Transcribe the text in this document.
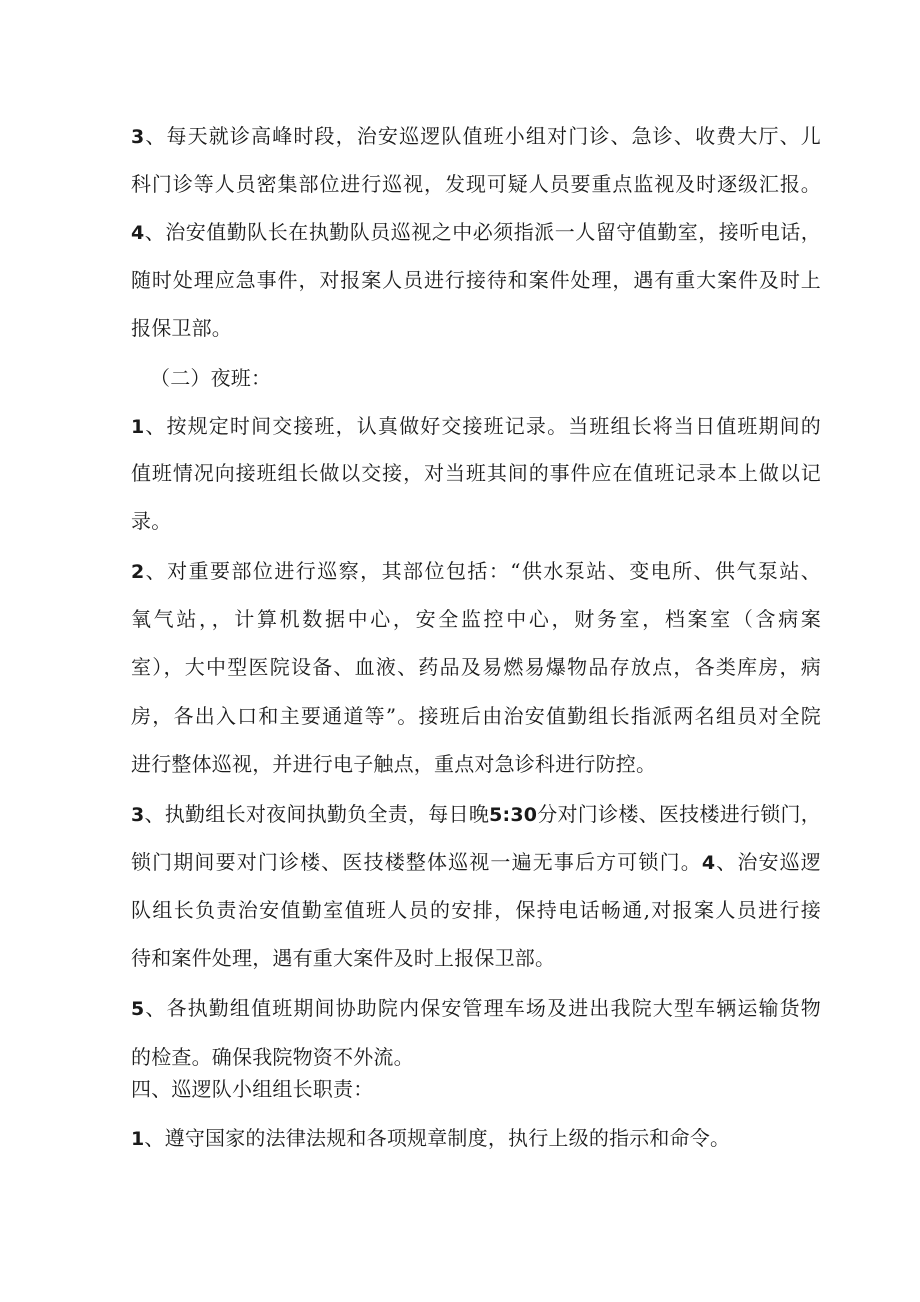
3、每天就诊高峰时段，治安巡逻队值班小组对门诊、急诊、收费大厅、儿
科门诊等人员密集部位进行巡视，发现可疑人员要重点监视及时逐级汇报。
4、治安值勤队长在执勤队员巡视之中必须指派一人留守值勤室，接听电话，
随时处理应急事件，对报案人员进行接待和案件处理，遇有重大案件及时上
报保卫部。
（二）夜班：
1、按规定时间交接班，认真做好交接班记录。当班组长将当日值班期间的
值班情况向接班组长做以交接，对当班其间的事件应在值班记录本上做以记
录。
2、对重要部位进行巡察，其部位包括：“供水泵站、变电所、供气泵站、
氧气站，，计算机数据中心，安全监控中心，财务室，档案室（含病案
室），大中型医院设备、血液、药品及易燃易爆物品存放点，各类库房，病
房，各出入口和主要通道等”。接班后由治安值勤组长指派两名组员对全院
进行整体巡视，并进行电子触点，重点对急诊科进行防控。
3、执勤组长对夜间执勤负全责，每日晚5:30分对门诊楼、医技楼进行锁门，
锁门期间要对门诊楼、医技楼整体巡视一遍无事后方可锁门。4、治安巡逻
队组长负责治安值勤室值班人员的安排，保持电话畅通,对报案人员进行接
待和案件处理，遇有重大案件及时上报保卫部。
5、各执勤组值班期间协助院内保安管理车场及进出我院大型车辆运输货物
的检查。确保我院物资不外流。
四、巡逻队小组组长职责：
1、遵守国家的法律法规和各项规章制度，执行上级的指示和命令。
